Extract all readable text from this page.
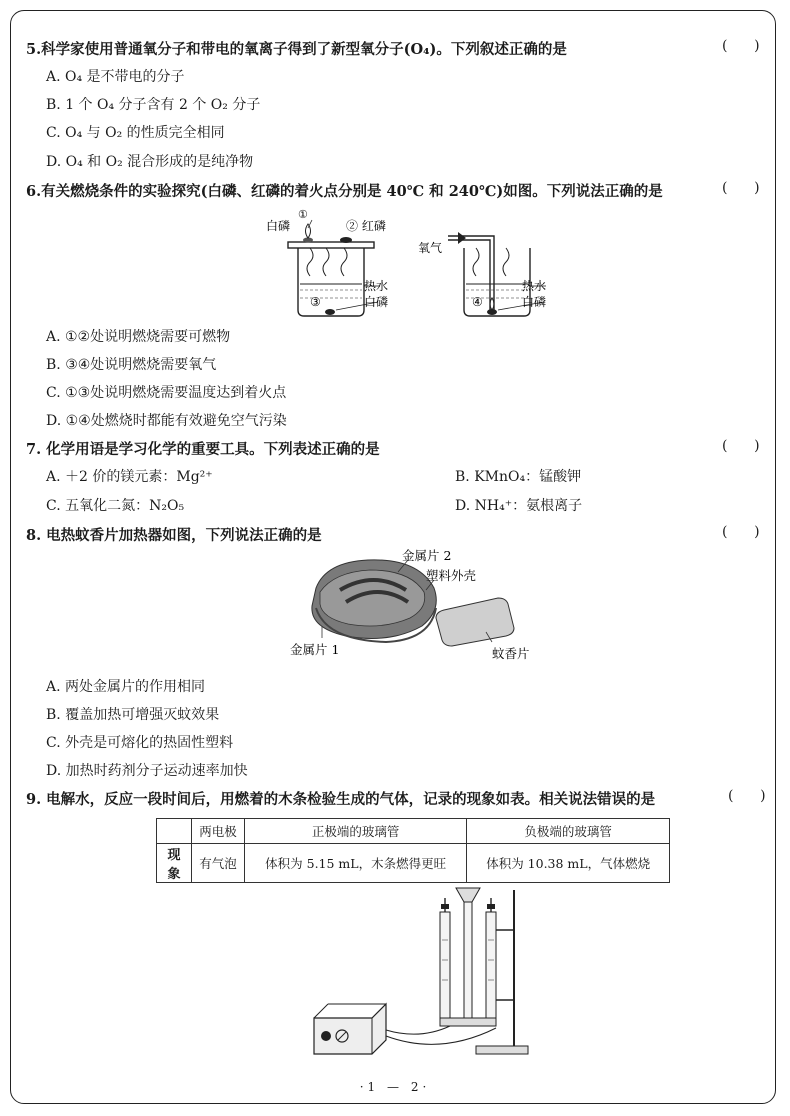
5.科学家使用普通氧分子和带电的氧离子得到了新型氧分子(O₄)。下列叙述正确的是	(      )
A. O₄ 是不带电的分子
B. 1 个 O₄ 分子含有 2 个 O₂ 分子
C. O₄ 与 O₂ 的性质完全相同
D. O₄ 和 O₂ 混合形成的是纯净物
6.有关燃烧条件的实验探究(白磷、红磷的着火点分别是 40℃ 和 240℃)如图。下列说法正确的是	(      )
白磷
①
② 红磷
热水
③	白磷
氧气
热水
④	白磷
A. ①②处说明燃烧需要可燃物
B. ③④处说明燃烧需要氧气
C. ①③处说明燃烧需要温度达到着火点
D. ①④处燃烧时都能有效避免空气污染
7. 化学用语是学习化学的重要工具。下列表述正确的是	(      )
A. ＋2 价的镁元素：Mg²⁺	B. KMnO₄：锰酸钾
C. 五氧化二氮：N₂O₅	D. NH₄⁺：氨根离子
8. 电热蚊香片加热器如图，下列说法正确的是	(      )
金属片 2
塑料外壳
金属片 1	蚊香片
A. 两处金属片的作用相同
B. 覆盖加热可增强灭蚊效果
C. 外壳是可熔化的热固性塑料
D. 加热时药剂分子运动速率加快
9. 电解水，反应一段时间后，用燃着的木条检验生成的气体，记录的现象如表。相关说法错误的是	(      )
	两电极	正极端的玻璃管	负极端的玻璃管
现象	有气泡	体积为 5.15 mL，木条燃得更旺	体积为 10.38 mL，气体燃烧
·1 — 2·
